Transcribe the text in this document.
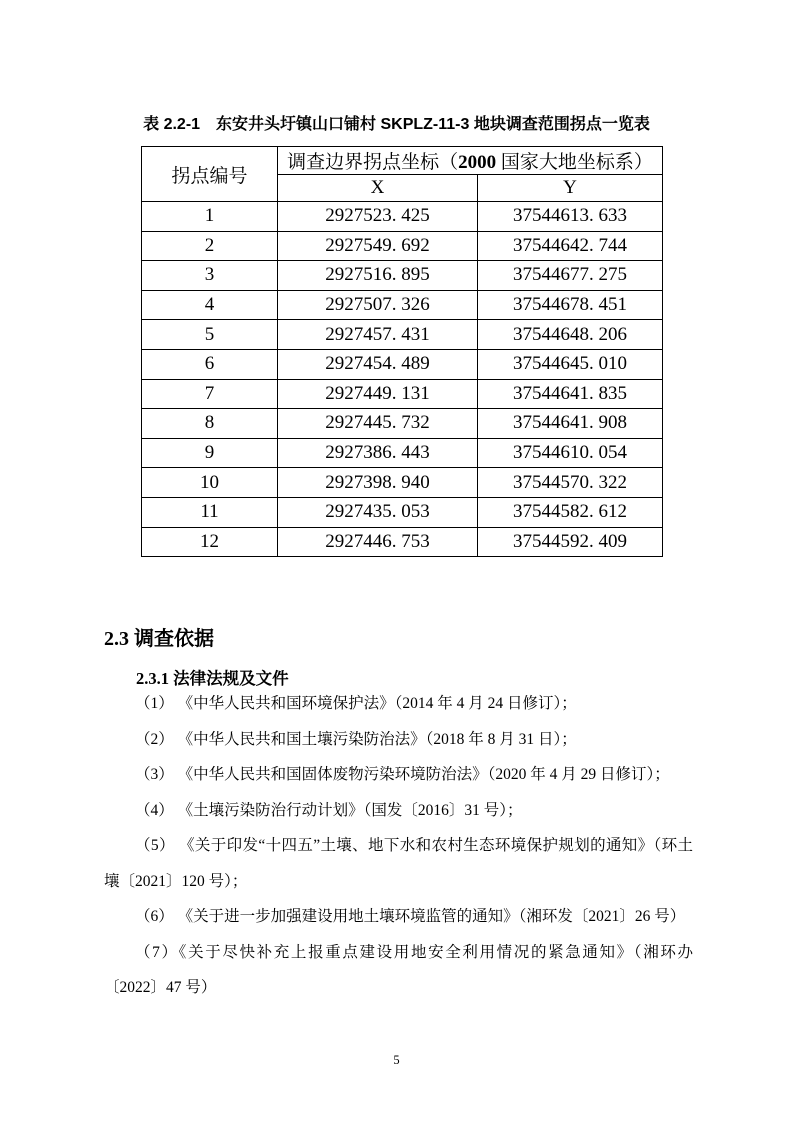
表 2.2-1　东安井头圩镇山口铺村 SKPLZ-11-3 地块调查范围拐点一览表
拐点编号	调查边界拐点坐标（2000 国家大地坐标系）	
	X	Y
1	2927523. 425	37544613. 633
2	2927549. 692	37544642. 744
3	2927516. 895	37544677. 275
4	2927507. 326	37544678. 451
5	2927457. 431	37544648. 206
6	2927454. 489	37544645. 010
7	2927449. 131	37544641. 835
8	2927445. 732	37544641. 908
9	2927386. 443	37544610. 054
10	2927398. 940	37544570. 322
11	2927435. 053	37544582. 612
12	2927446. 753	37544592. 409
2.3 调查依据
2.3.1 法律法规及文件

（1） 《中华人民共和国环境保护法》（2014 年 4 月 24 日修订）；

（2） 《中华人民共和国土壤污染防治法》（2018 年 8 月 31 日）；

（3） 《中华人民共和国固体废物污染环境防治法》（2020 年 4 月 29 日修订）；

（4） 《土壤污染防治行动计划》（国发〔2016〕31 号）；

（5） 《关于印发“十四五”土壤、地下水和农村生态环境保护规划的通知》（环土壤〔2021〕120 号）；

（6） 《关于进一步加强建设用地土壤环境监管的通知》（湘环发〔2021〕26 号）

（7）《关于尽快补充上报重点建设用地安全利用情况的紧急通知》（湘环办〔2022〕47 号）

5
